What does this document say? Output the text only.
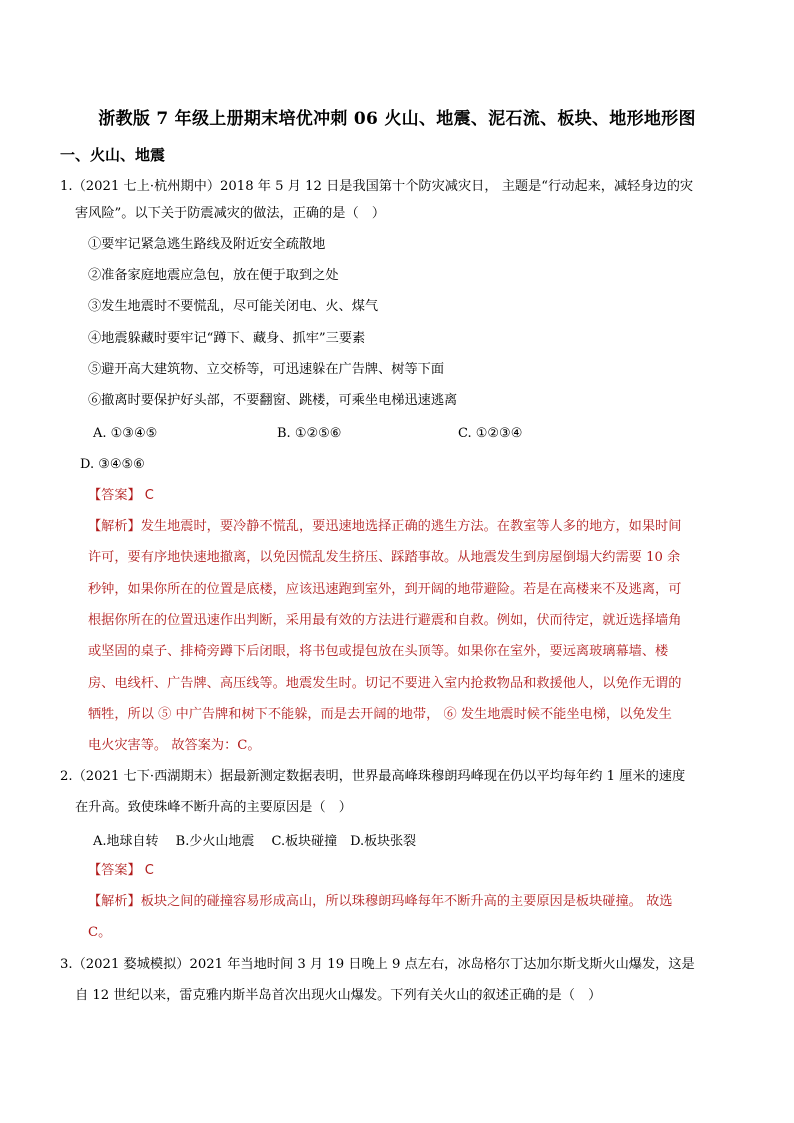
浙教版 7 年级上册期末培优冲刺 06 火山、地震、泥石流、板块、地形地形图
一、火山、地震
1.（2021 七上·杭州期中）2018 年 5 月 12 日是我国第十个防灾减灾日， 主题是“行动起来，减轻身边的灾
害风险”。以下关于防震减灾的做法，正确的是（　）
①要牢记紧急逃生路线及附近安全疏散地
②准备家庭地震应急包，放在便于取到之处
③发生地震时不要慌乱，尽可能关闭电、火、煤气
④地震躲藏时要牢记“蹲下、藏身、抓牢”三要素
⑤避开高大建筑物、立交桥等，可迅速躲在广告牌、树等下面
⑥撤离时要保护好头部，不要翻窗、跳楼，可乘坐电梯迅速逃离
A. ①③④⑤	B. ①②⑤⑥	C. ①②③④
D. ③④⑤⑥
【答案】 C
【解析】发生地震时，要冷静不慌乱，要迅速地选择正确的逃生方法。在教室等人多的地方，如果时间
许可，要有序地快速地撤离，以免因慌乱发生挤压、踩踏事故。从地震发生到房屋倒塌大约需要 10 余
秒钟，如果你所在的位置是底楼，应该迅速跑到室外，到开阔的地带避险。若是在高楼来不及逃离，可
根据你所在的位置迅速作出判断，采用最有效的方法进行避震和自救。例如，伏而待定，就近选择墙角
或坚固的桌子、排椅旁蹲下后闭眼，将书包或提包放在头顶等。如果你在室外，要远离玻璃幕墙、楼
房、电线杆、广告牌、高压线等。地震发生时。切记不要进入室内抢救物品和救援他人，以免作无谓的
牺牲，所以 ⑤ 中广告牌和树下不能躲，而是去开阔的地带， ⑥ 发生地震时候不能坐电梯，以免发生
电火灾害等。 故答案为：C。
2.（2021 七下·西湖期末）据最新测定数据表明，世界最高峰珠穆朗玛峰现在仍以平均每年约 1 厘米的速度
在升高。致使珠峰不断升高的主要原因是（　）
A.地球自转　 B.少火山地震　 C.板块碰撞　D.板块张裂
【答案】 C
【解析】板块之间的碰撞容易形成高山，所以珠穆朗玛峰每年不断升高的主要原因是板块碰撞。 故选
C。
3.（2021 婺城模拟）2021 年当地时间 3 月 19 日晚上 9 点左右，冰岛格尔丁达加尔斯戈斯火山爆发，这是
自 12 世纪以来，雷克雅内斯半岛首次出现火山爆发。下列有关火山的叙述正确的是（　）
